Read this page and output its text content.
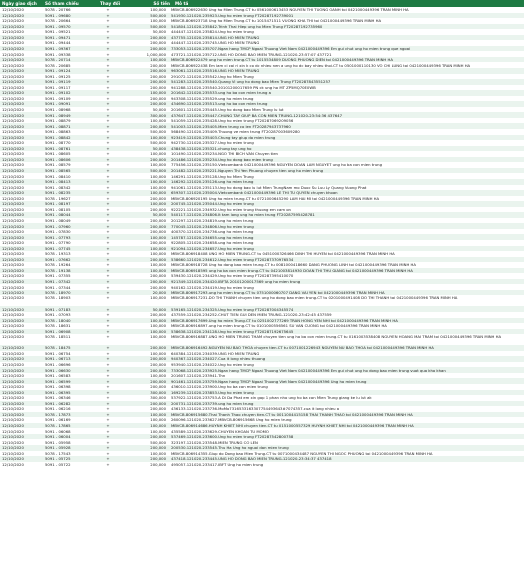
Ngày giao dịch	Số tham chiếu	Thay đổi	Số tiền	Mô tả
12/10/2020	5078 - 20766	+	100,000	MBVCB.806922630 Ung ho Mien Trung.CT tu 0561000613453 NGUYEN THI TUONG OANH toi 0421000449396 TRAN MINH HA
12/10/2020	5091 - 09680	+	500,000	541930.121020.235923.Ung ho mien trung FT20287192739001
12/10/2020	5078 - 20664	+	100,000	MBVCB.806923718 Ung ho Mien Trung.CT tu 1015471511 VUONG KHA THI toi 0421000449396 TRAN MINH HA
12/10/2020	5091 - 09570	+	500,000	541804.121020.235842.Trinh Thai Hiep ung ho Mien Trung FT20287192735960
12/10/2020	5091 - 09521	+	50,000	444447.121020.235824.Ung ho mien trung
12/10/2020	5091 - 09471	+	200,000	437755.121020.235814.UNG HO MIEN TRUNG
12/10/2020	5091 - 09444	+	200,000	444447.121020.235745.UNG HO MIEN TRUNG
12/10/2020	5091 - 09367	+	200,000	733053.121020.235707.Ngan hang TMCP Ngoai Thuong Viet Nam 0421000449396 Em gui chut ung ho mien trung que ngoai
12/10/2020	5091 - 09338	+	1,000,000	473721.121020.235712.UNG HO DONG BAO MIEN TRUNG-121020-23:57:07 437721
12/10/2020	5078 - 20714	+	100,000	MBVCB.806922479 ung ho mien trung.CT tu 1015534809 DUONG PHUONG DIEN toi 0421000449396 TRAN MINH HA
12/10/2020	5078 - 20685	+	200,000	MBVCB.806922438 Em lam ci cai ri xin k co dc nhieu nen a ung ho dc bay nhieu thoi.CT tu 0501000110130 VO CHI LUNG toi 0421000449396 TRAN MINH HA
12/10/2020	5091 - 09124	+	200,000	963061.121020.235516.UNG HO MIEN TRUNG
12/10/2020	5091 - 09125	+	200,000	291072.121020.235542.Ung ho Mien Trung
12/10/2020	5091 - 09119	+	200,000	541283.121020.235540.Quang Vi ung ho dong bao Mien Trung FT20287843551257
12/10/2020	5091 - 09117	+	200,000	941288.121020.235540.20101200017659 PN ck ung ho MT ZP5MQ70E0WB
12/10/2020	5091 - 09102	+	100,000	201642.121020.235533.ung ho ba con mien trung a
12/10/2020	5091 - 09109	+	200,000	943308.121020.235529.ung ho mien trung
12/10/2020	5091 - 09091	+	200,000	434690.121020.235513.ung ho ba con mien trung
12/10/2020	5091 - 08968	+	50,000	201601.121020.235445.Ung ho dong bao Mien Trung lu lut
12/10/2020	5091 - 08949	+	300,000	437647.121020.235447.CHUNG TAY GIUP BA CON MIEN TRUNG-121020-23:54:36 437647
12/10/2020	5091 - 08879	+	100,000	541059.121020.235428.Ung ho mien trung FT20287069209056
12/10/2020	5091 - 08871	+	200,000	541003.121020.235405.Mien trung co len FT20287943737960
12/10/2020	5091 - 08863	+	500,000	568490.121020.235409.Thuong ve mien trung FT20287003609280
12/10/2020	5091 - 08842	+	100,000	923419.121020.235403.Chung tay giup do mien trung
12/10/2020	5091 - 08770	+	500,000	942730.121020.235327.Ung ho mien trung
12/10/2020	5091 - 08761	+	50,000	438438.121020.235321.chung tay ung ho
12/10/2020	5091 - 08605	+	100,000	101490.121020.235234.NGO THI BICH VAN Chuyen tien
12/10/2020	5091 - 08606	+	200,000	201486.121020.235234.Ung ho dong bao mien trung
12/10/2020	5091 - 08579	+	100,000	775456.121020.235150.Vietcombank 0421000449396 NGUYEN DOAN LAM NGUYET ung ho ba con mien trung
12/10/2020	5091 - 08565	+	500,000	201482.121020.235221.Nguyen Thi Yen Phuong chuyen tien ung ho mien trung
12/10/2020	5091 - 08410	+	100,000	146291.121020.235128.Ung ho Mien Trung
12/10/2020	5091 - 08413	+	100,000	146292.121020.235126.ung ho mien trung
12/10/2020	5091 - 08342	+	100,000	941061.121020.235113.Ung ho dong bao lu lut Mien TrungNam mo Duoc Su Luu Ly Quang Vuong Phat
12/10/2020	5091 - 08235	+	100,000	659307.121020.235004.Vietcombank 0421000449396 LE THI TU QUYEN chuyen khoan
12/10/2020	5078 - 19627	+	200,000	MBVCB.806920195 Ung ho mien trung.CT tu 0721000645290 LAM HAI MI toi 0421000449396 TRAN MINH HA
12/10/2020	5091 - 08197	+	100,000	200745.121020.235044.Ung ho mien trung
12/10/2020	5091 - 08105	+	200,000	922221.121020.234932.Ung ho mien trung thuong em cam on
12/10/2020	5091 - 08044	+	50,000	540117.121020.234806.It tam long ung ho mien trung FT20287595428781
12/10/2020	5091 - 08049	+	200,000	201297.121020.234819.ung ho mien trung
12/10/2020	5091 - 07960	+	200,000	770045.121020.234806.Ung ho mien trung
12/10/2020	5091 - 07830	+	200,000	400370.121020.234736.ung ho mien trung
12/10/2020	5091 - 07793	+	100,000	145787.121020.234655.ung ho mien trung
12/10/2020	5091 - 07790	+	200,000	922805.121020.234658.ung ho mien trung
12/10/2020	5091 - 07745	+	100,000	921094.121020.234657.Ung ho mien trung
12/10/2020	5078 - 19313	+	100,000	MBVCB.806918408 UNG HO MIEN TRUNG.CT tu 0451000326466 DINH THI HUYEN toi 0421000449396 TRAN MINH HA
12/10/2020	5091 - 07662	+	200,000	538660.121020.234612.Ung ho mien trung FT20287370976534
12/10/2020	5078 - 19264	+	100,000	MBVCB.806918728 Ung ho dong bao mien trung.CT tu 0081000418660 DANG PHUONG LINH toi 0421000449396 TRAN MINH HA
12/10/2020	5078 - 19138	+	100,000	MBVCB.806918595 ung ho ba con mien trung.CT tu 0421003814930 DOAN THI THU GIANG toi 0421000449396 TRAN MINH HA
12/10/2020	5091 - 07355	+	200,000	539430.121020.234429.Ung ho mien trung FT20287395410070
12/10/2020	5091 - 07342	+	200,000	921349.121020.234420.IBFTA 20101200017569 ung ho mien trung
12/10/2020	5091 - 07344	+	200,000	940162.121020.234419.Ung ho mien trung
12/10/2020	5078 - 18970	+	20,000	MBVCB.806917293.ung ho mien trung.CT tu 0751000060707 DANG VAI YEN toi 0421000449396 TRAN MINH HA
12/10/2020	5078 - 18903	+	100,000	MBVCB.806917231.DO THI THANH chuyen tien ung ho dong bao mien trung.CT tu 0201000491408 DO THI THANH toi 0421000449396 TRAN MINH HA
12/10/2020	5091 - 07183	+	50,000	539165.121020.234325.Ung ho mien trung FT20287004345574
12/10/2020	5091 - 07093	+	200,000	437559.121020.234252.CHUT TIEN GUI DEN MIEN TRUNG-121020-23:42:45 437559
12/10/2020	5078 - 18040	+	100,000	MBVCB.806917699.Ung ho mien Trung.CT tu 0251002777269 TRAN HONG YEN NHI toi 0421000449396 TRAN MINH HA
12/10/2020	5078 - 18631	+	100,000	MBVCB.806916897.ung ho mien trung.CT tu 0101000556561 SU VAN CUONG toi 0421000449396 TRAN MINH HA
12/10/2020	5091 - 06908	+	100,000	538638.121020.234128.Ung ho mien trung FT20287192675645
12/10/2020	5078 - 18511	+	100,000	MBVCB.806916887.UNG HO MIEN TRUNG THAM chuyen tien ung ho ba con mien trung.CT tu 0161003538408 NGUYEN HOANG MAI TRAM toi 0421000449396 TRAN MINH HA
12/10/2020	5078 - 18475	+	200,000	MBVCB.806916492.NGUYEN NU BAO THOA chuyen tien.CT tu 0071001226943 NGUYEN NU BAO THOA toi 0421000449396 TRAN MINH HA
12/10/2020	5091 - 06754	+	100,000	640384.121020.234039.UNG HO MIEN TRUNG
12/10/2020	5091 - 06713	+	200,000	940367.121020.234027.Cua it long nhieu thuong
12/10/2020	5091 - 06696	+	200,000	953940.121020.234022.Ung ho mien trung
12/10/2020	5091 - 06630	+	200,000	733068.121020.233925.Ngan hang TMCP Ngoai Thuong Viet Nam 0421000449396 Em gui chut ung ho dong bao mien trung vuot qua kho khan
12/10/2020	5091 - 06583	+	100,000	201607.121020.233941.Thn
12/10/2020	5091 - 06599	+	200,000	901461.121020.233759.Ngan hang TMCP Ngoai Thuong Viet Nam 0421000449396 Ung ho mien trung
12/10/2020	5091 - 06398	+	200,000	436010.121020.233900.Ung ho ba con mien trung
12/10/2020	5091 - 06395	+	300,000	169239.121020.233853.Ung ho mien trung
12/10/2020	5091 - 06346	+	300,000	537922.121020.233753.A Di Da Phat em xin gop 1 phan nho ung ho ba con Mien Trung giang ke lu lut ak
12/10/2020	5091 - 06282	+	200,000	200731.121020.233739.ung ho mien trung
12/10/2020	5091 - 06216	+	200,000	436133.121020.233736.MoMo7316533163307754493643#7074357.cua it long nhieu a
12/10/2020	5078 - 17873	+	100,000	MBVCB.806915680.Thai Thanh Thao chuyen tien.CT tu 0011004415158 THAI THANH THAO toi 0421000449396 TRAN MINH HA
12/10/2020	5091 - 06169	+	100,000	260096.121020.233627.MBVCB.806915668 Ung ho mien trung
12/10/2020	5078 - 17865	+	100,000	MBVCB.806914686.HUYNH KHIET NHI chuyen tien.CT tu 0151000557329 HUYNH KHIET NHI toi 0421000449396 TRAN MINH HA
12/10/2020	5091 - 06068	+	100,000	435589.121020.233629.CHUYEN KHOAN TU MOMO
12/10/2020	5091 - 06004	+	200,000	537469.121020.233600.Ung ho mien trung FT20287542800758
12/10/2020	5091 - 05958	+	500,000	323197.121020.233548.MIEN TRUNG CO LEN
12/10/2020	5091 - 05928	+	200,000	200530.121020.233545.Thu Ha Ung ho nguoi dan mien trung
12/10/2020	5078 - 17543	+	100,000	MBVCB.806914355.Giup do Dong bao Mien Trung.CT tu 0071000434487 NGUYEN THI NGOC PHUONG toi 0421000449396 TRAN MINH HA
12/10/2020	5091 - 05725	+	200,000	437418.121020.233445.UNG HO DONG BAO MIEN TRUNG-121020-23:34:37 437418
12/10/2020	5091 - 05722	+	200,000	495057.121020.233417.IBFT Ung ho mien trung
